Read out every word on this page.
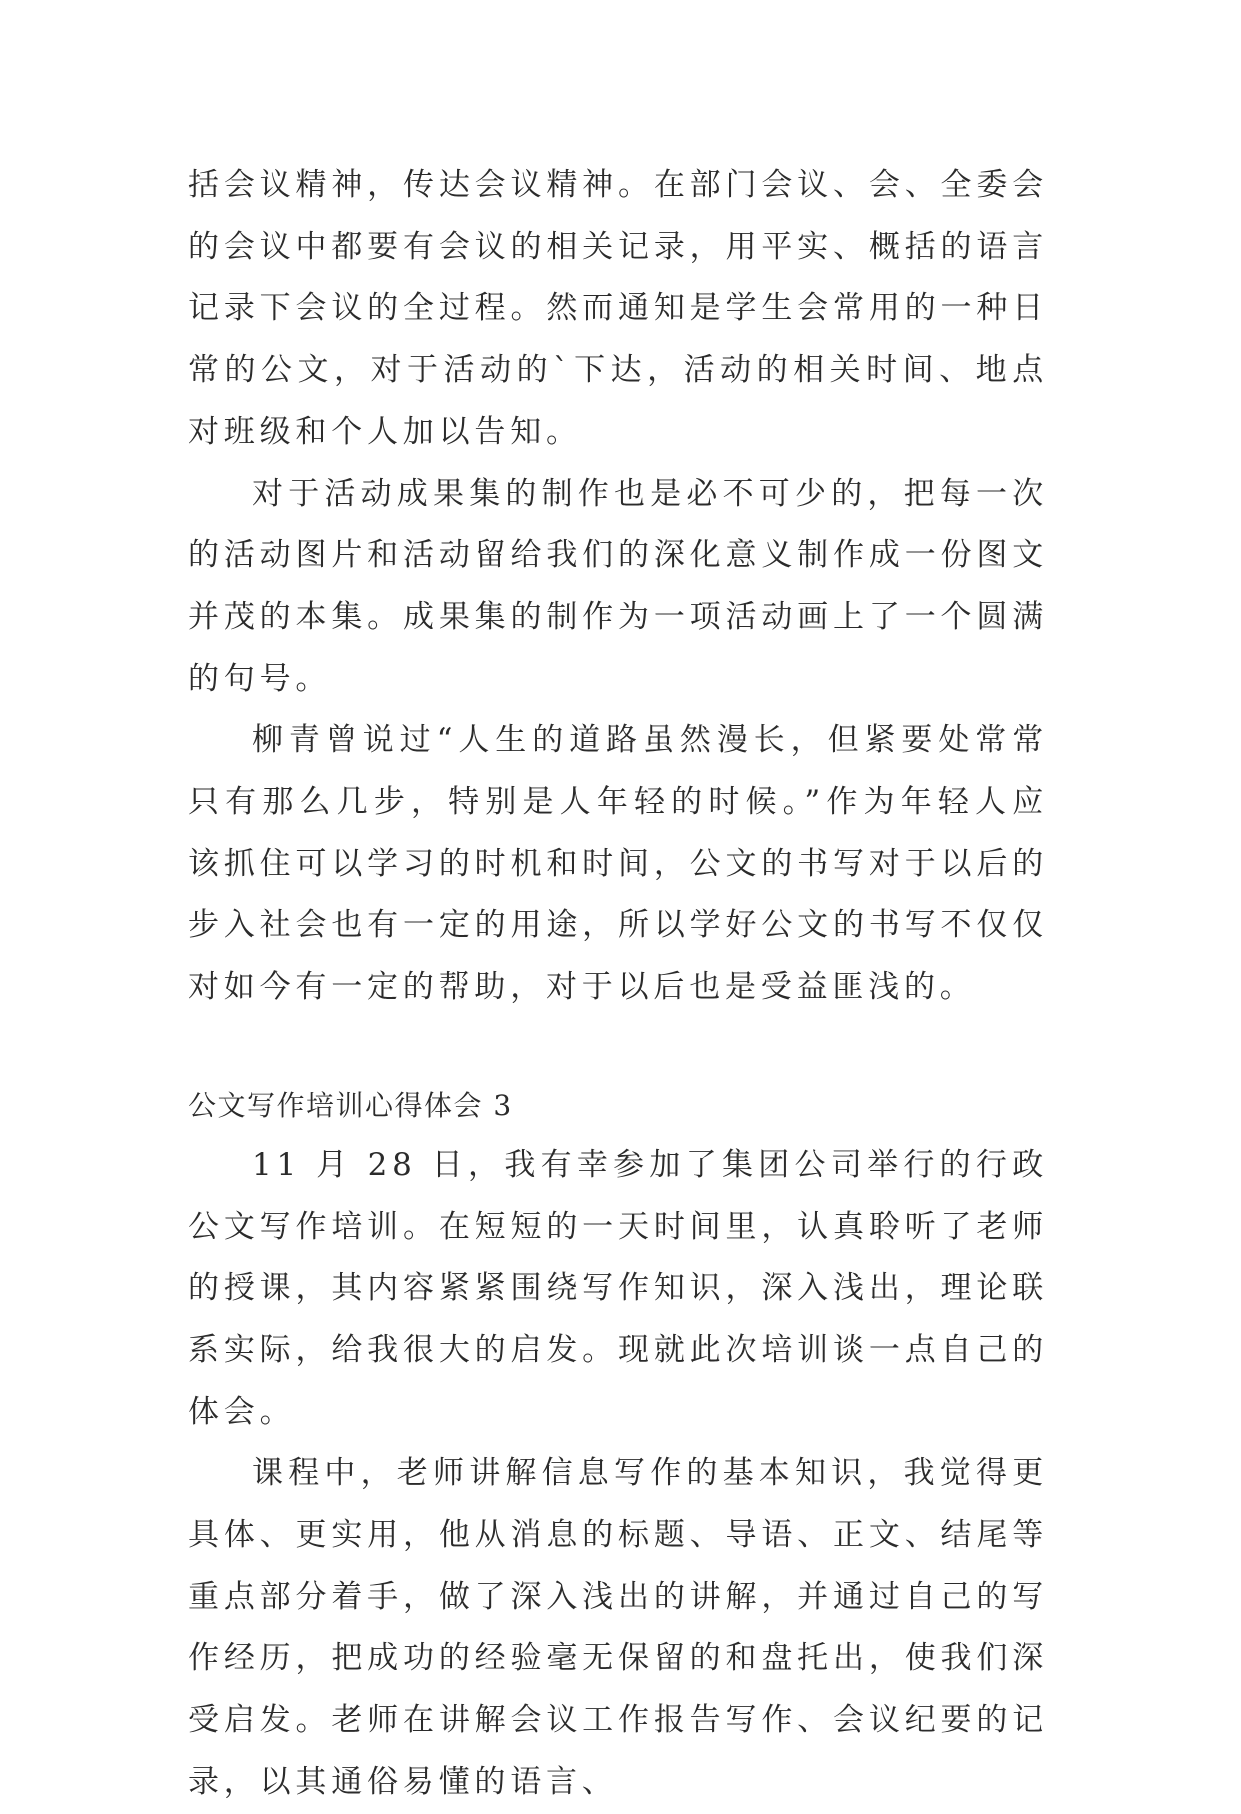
括会议精神，传达会议精神。在部门会议、会、全委会的会议中都要有会议的相关记录，用平实、概括的语言记录下会议的全过程。然而通知是学生会常用的一种日常的公文，对于活动的`下达，活动的相关时间、地点对班级和个人加以告知。

对于活动成果集的制作也是必不可少的，把每一次的活动图片和活动留给我们的深化意义制作成一份图文并茂的本集。成果集的制作为一项活动画上了一个圆满的句号。

柳青曾说过“人生的道路虽然漫长，但紧要处常常只有那么几步，特别是人年轻的时候。”作为年轻人应该抓住可以学习的时机和时间，公文的书写对于以后的步入社会也有一定的用途，所以学好公文的书写不仅仅对如今有一定的帮助，对于以后也是受益匪浅的。

公文写作培训心得体会 3

11 月 28 日，我有幸参加了集团公司举行的行政公文写作培训。在短短的一天时间里，认真聆听了老师的授课，其内容紧紧围绕写作知识，深入浅出，理论联系实际，给我很大的启发。现就此次培训谈一点自己的体会。

课程中，老师讲解信息写作的基本知识，我觉得更具体、更实用，他从消息的标题、导语、正文、结尾等重点部分着手，做了深入浅出的讲解，并通过自己的写作经历，把成功的经验毫无保留的和盘托出，使我们深受启发。老师在讲解会议工作报告写作、会议纪要的记录，以其通俗易懂的语言、
